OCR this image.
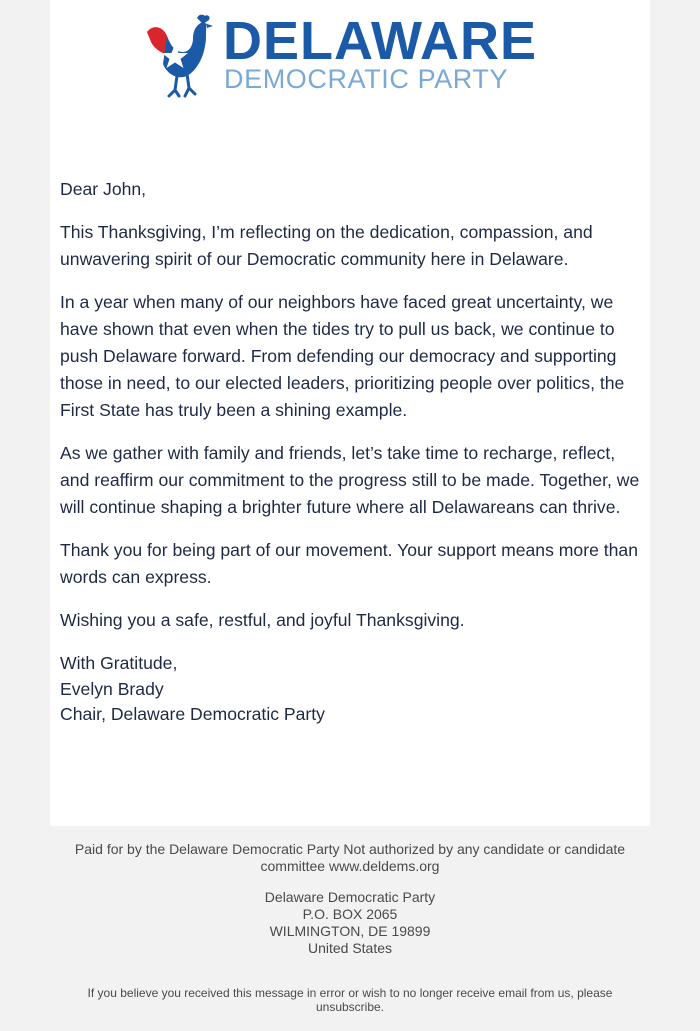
DELAWARE
DEMOCRATIC PARTY

Dear John,

This Thanksgiving, I’m reflecting on the dedication, compassion, and unwavering spirit of our Democratic community here in Delaware.

In a year when many of our neighbors have faced great uncertainty, we have shown that even when the tides try to pull us back, we continue to push Delaware forward. From defending our democracy and supporting those in need, to our elected leaders, prioritizing people over politics, the First State has truly been a shining example.

As we gather with family and friends, let’s take time to recharge, reflect, and reaffirm our commitment to the progress still to be made. Together, we will continue shaping a brighter future where all Delawareans can thrive.

Thank you for being part of our movement. Your support means more than words can express.

Wishing you a safe, restful, and joyful Thanksgiving.

With Gratitude,
Evelyn Brady
Chair, Delaware Democratic Party
Paid for by the Delaware Democratic Party Not authorized by any candidate or candidate committee www.deldems.org
Delaware Democratic Party
P.O. BOX 2065
WILMINGTON, DE 19899
United States
If you believe you received this message in error or wish to no longer receive email from us, please unsubscribe.
